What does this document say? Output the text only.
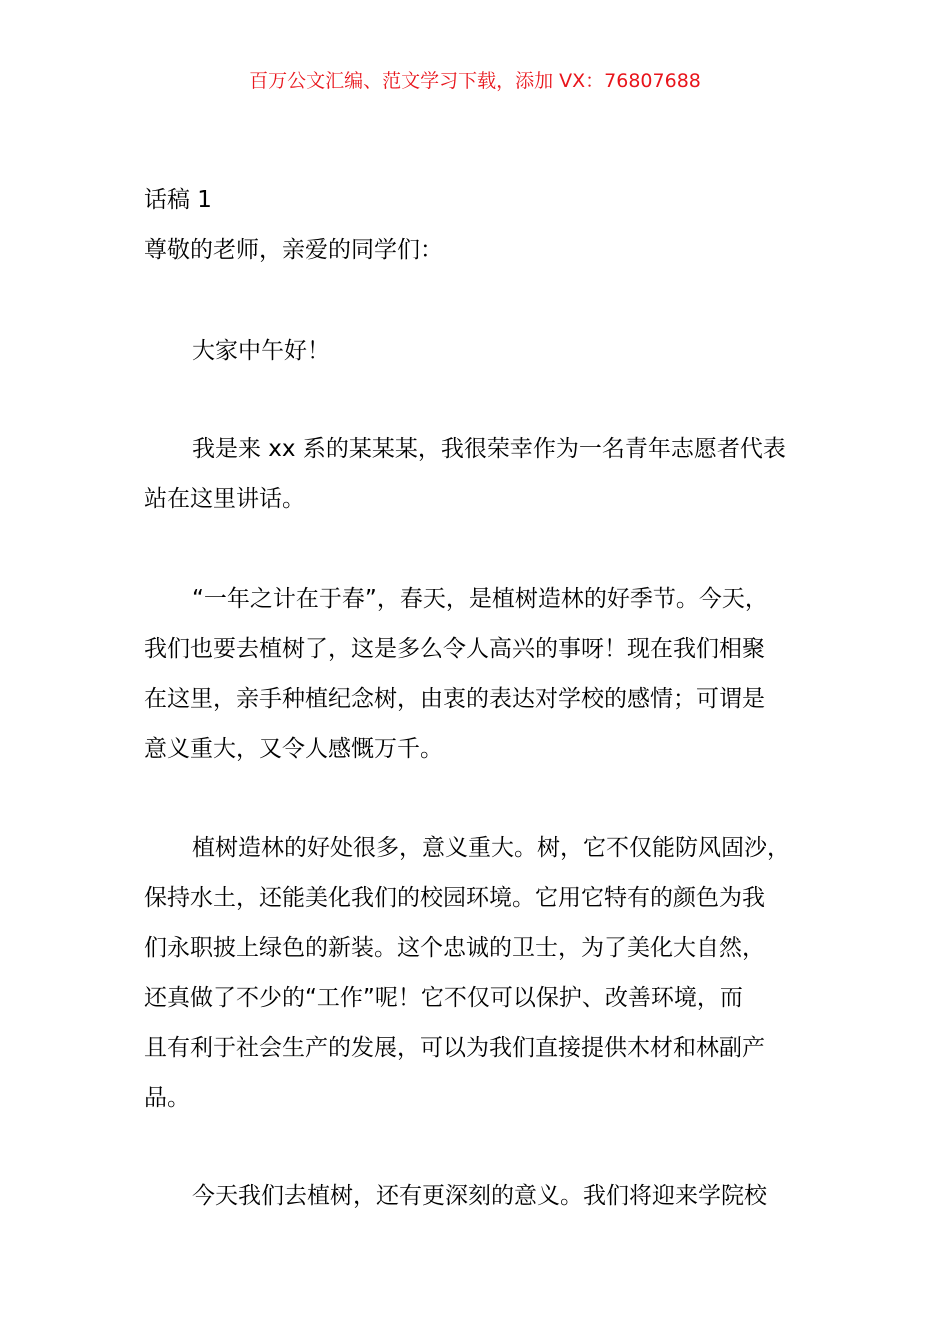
百万公文汇编、范文学习下载，添加 VX：76807688
话稿 1
尊敬的老师，亲爱的同学们：
大家中午好！
我是来 xx 系的某某某，我很荣幸作为一名青年志愿者代表
站在这里讲话。
“一年之计在于春”，春天，是植树造林的好季节。今天，
我们也要去植树了，这是多么令人高兴的事呀！现在我们相聚
在这里，亲手种植纪念树，由衷的表达对学校的感情；可谓是
意义重大，又令人感慨万千。
植树造林的好处很多，意义重大。树，它不仅能防风固沙，
保持水土，还能美化我们的校园环境。它用它特有的颜色为我
们永职披上绿色的新装。这个忠诚的卫士，为了美化大自然，
还真做了不少的“工作”呢！它不仅可以保护、改善环境，而
且有利于社会生产的发展，可以为我们直接提供木材和林副产
品。
今天我们去植树，还有更深刻的意义。我们将迎来学院校
